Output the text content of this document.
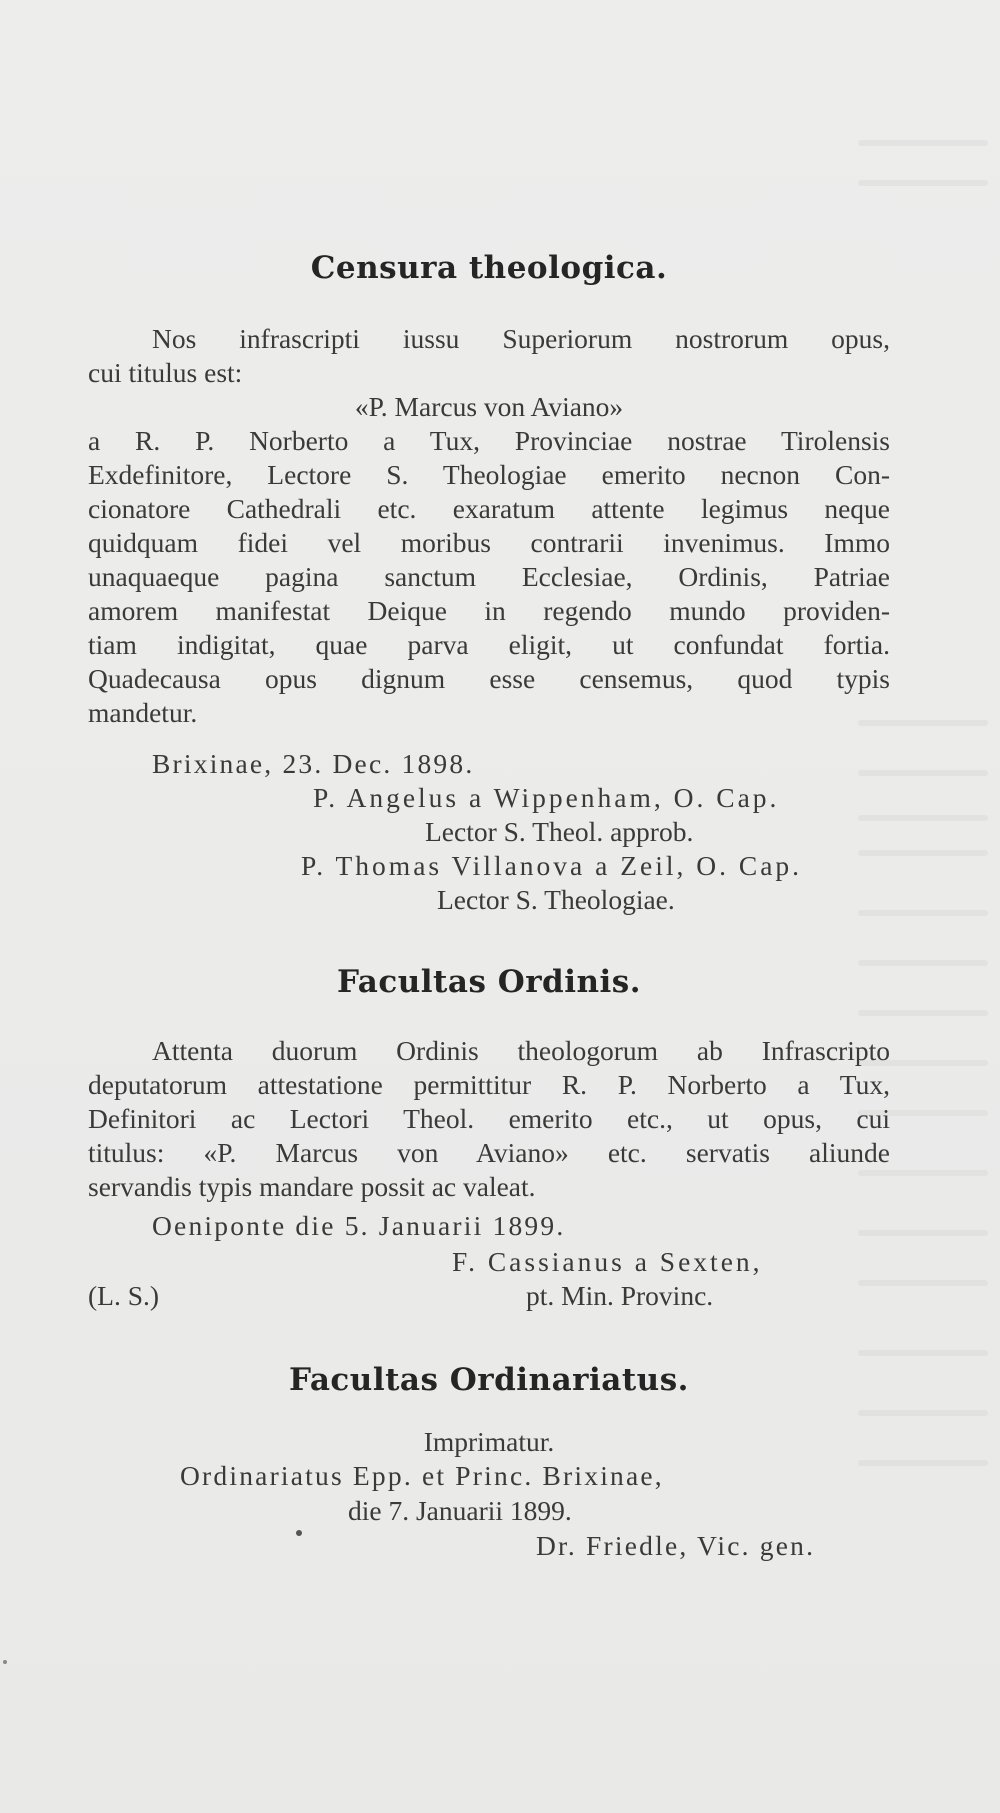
Censura theologica.

Nos infrascripti iussu Superiorum nostrorum opus,

cui titulus est:

«P. Marcus von Aviano»

a R. P. Norberto a Tux, Provinciae nostrae Tirolensis

Exdefinitore, Lectore S. Theologiae emerito necnon Con-

cionatore Cathedrali etc. exaratum attente legimus neque

quidquam fidei vel moribus contrarii invenimus. Immo

unaquaeque pagina sanctum Ecclesiae, Ordinis, Patriae

amorem manifestat Deique in regendo mundo providen-

tiam indigitat, quae parva eligit, ut confundat fortia.

Quadecausa opus dignum esse censemus, quod typis

mandetur.

Brixinae, 23. Dec. 1898.

P. Angelus a Wippenham, O. Cap.

Lector S. Theol. approb.

P. Thomas Villanova a Zeil, O. Cap.

Lector S. Theologiae.

Facultas Ordinis.

Attenta duorum Ordinis theologorum ab Infrascripto

deputatorum attestatione permittitur R. P. Norberto a Tux,

Definitori ac Lectori Theol. emerito etc., ut opus, cui

titulus: «P. Marcus von Aviano» etc. servatis aliunde

servandis typis mandare possit ac valeat.

Oeniponte die 5. Januarii 1899.

F. Cassianus a Sexten,

(L. S.)	pt. Min. Provinc.

Facultas Ordinariatus.

Imprimatur.

Ordinariatus Epp. et Princ. Brixinae,

die 7. Januarii 1899.

Dr. Friedle, Vic. gen.
